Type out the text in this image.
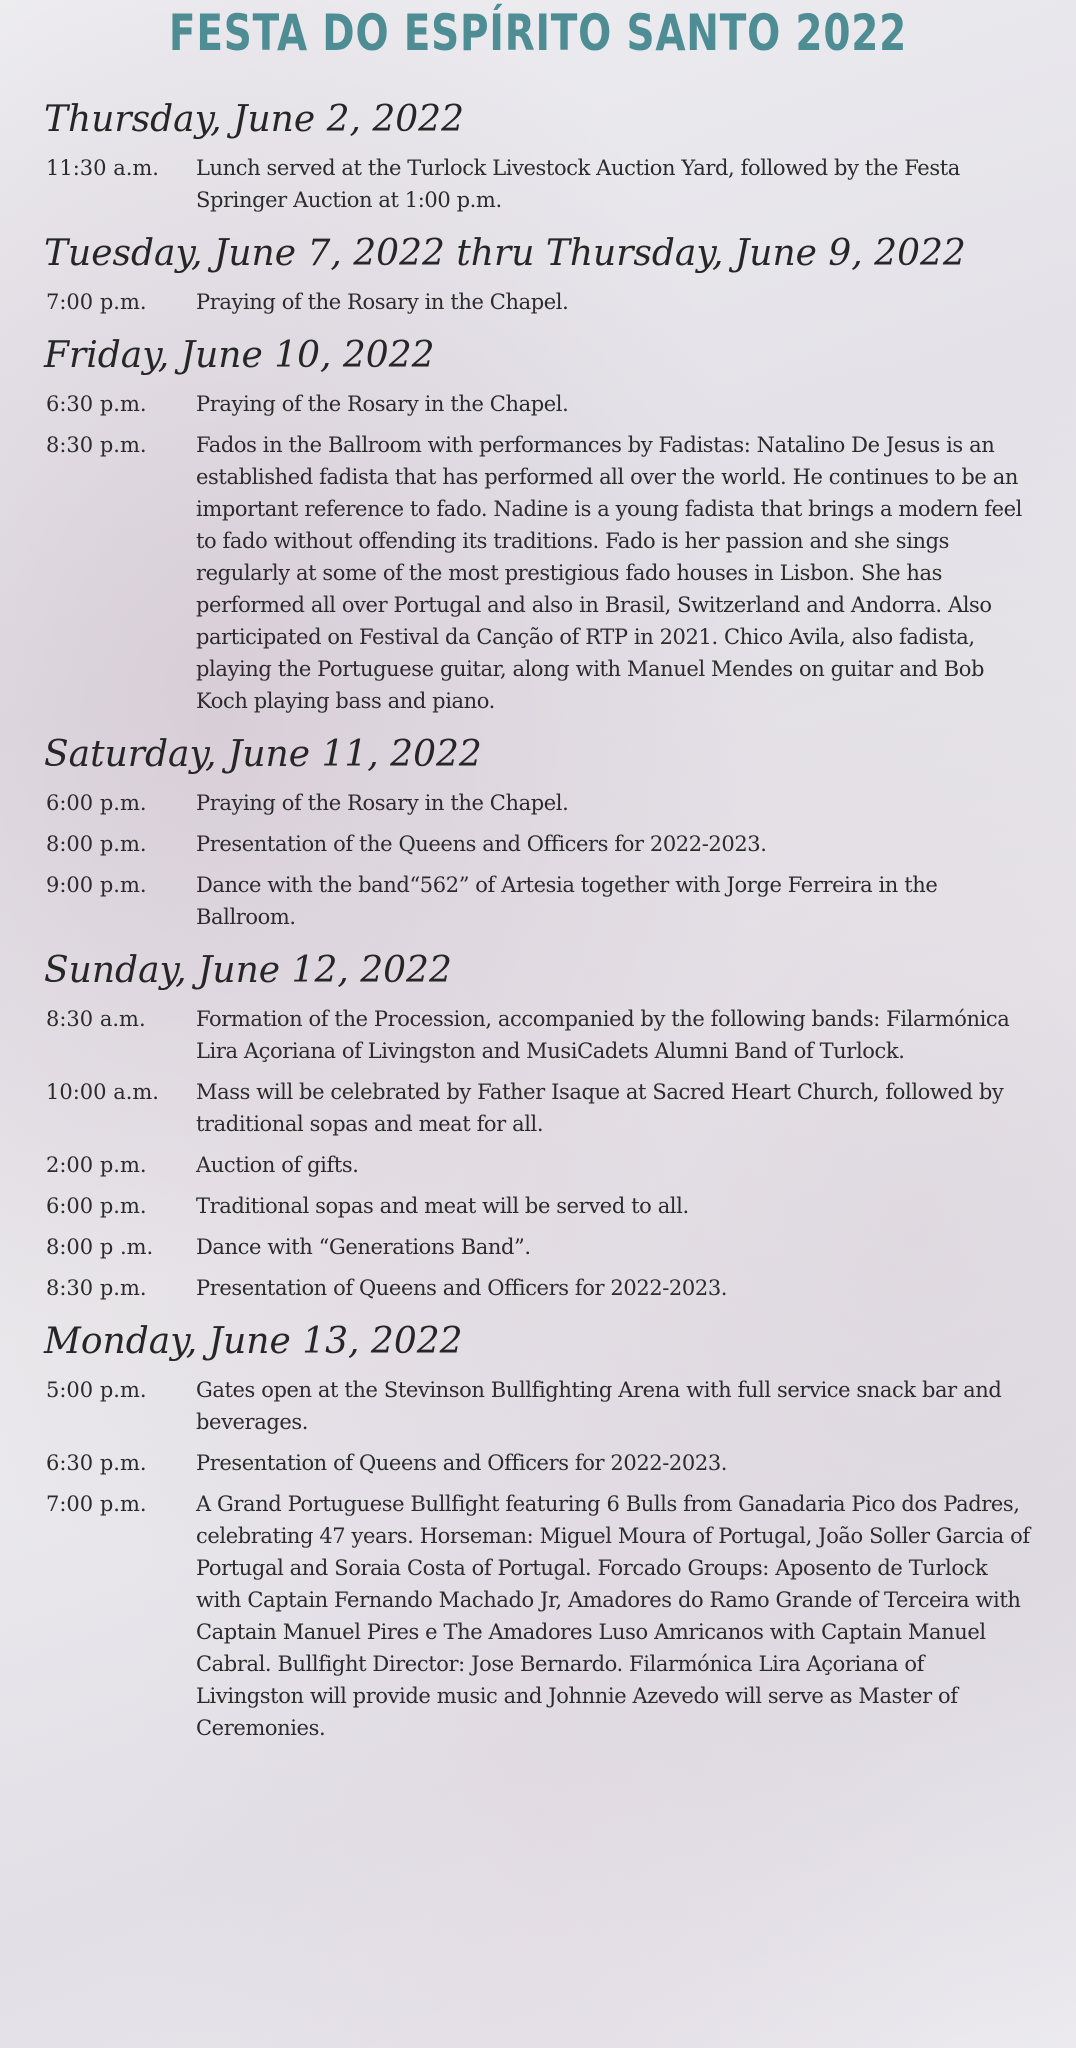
FESTA DO ESPÍRITO SANTO 2022
Thursday, June 2, 2022
11:30 a.m.	Lunch served at the Turlock Livestock Auction Yard, followed by the Festa Springer Auction at 1:00 p.m.
Tuesday, June 7, 2022 thru Thursday, June 9, 2022
7:00 p.m.	Praying of the Rosary in the Chapel.
Friday, June 10, 2022
6:30 p.m.	Praying of the Rosary in the Chapel.
8:30 p.m.	Fados in the Ballroom with performances by Fadistas: Natalino De Jesus is an established fadista that has performed all over the world. He continues to be an important reference to fado. Nadine is a young fadista that brings a modern feel to fado without offending its traditions. Fado is her passion and she sings regularly at some of the most prestigious fado houses in Lisbon. She has performed all over Portugal and also in Brasil, Switzerland and Andorra. Also participated on Festival da Canção of RTP in 2021. Chico Avila, also fadista, playing the Portuguese guitar, along with Manuel Mendes on guitar and Bob Koch playing bass and piano.
Saturday, June 11, 2022
6:00 p.m.	Praying of the Rosary in the Chapel.
8:00 p.m.	Presentation of the Queens and Officers for 2022-2023.
9:00 p.m.	Dance with the band“562” of Artesia together with Jorge Ferreira in the Ballroom.
Sunday, June 12, 2022
8:30 a.m.	Formation of the Procession, accompanied by the following bands: Filarmónica Lira Açoriana of Livingston and MusiCadets Alumni Band of Turlock.
10:00 a.m.	Mass will be celebrated by Father Isaque at Sacred Heart Church, followed by traditional sopas and meat for all.
2:00 p.m.	Auction of gifts.
6:00 p.m.	Traditional sopas and meat will be served to all.
8:00 p .m.	Dance with “Generations Band”.
8:30 p.m.	Presentation of Queens and Officers for 2022-2023.
Monday, June 13, 2022
5:00 p.m.	Gates open at the Stevinson Bullfighting Arena with full service snack bar and beverages.
6:30 p.m.	Presentation of Queens and Officers for 2022-2023.
7:00 p.m.	A Grand Portuguese Bullfight featuring 6 Bulls from Ganadaria Pico dos Padres, celebrating 47 years. Horseman: Miguel Moura of Portugal, João Soller Garcia of Portugal and Soraia Costa of Portugal. Forcado Groups: Aposento de Turlock with Captain Fernando Machado Jr, Amadores do Ramo Grande of Terceira with Captain Manuel Pires e The Amadores Luso Amricanos with Captain Manuel Cabral. Bullfight Director: Jose Bernardo. Filarmónica Lira Açoriana of Livingston will provide music and Johnnie Azevedo will serve as Master of Ceremonies.
